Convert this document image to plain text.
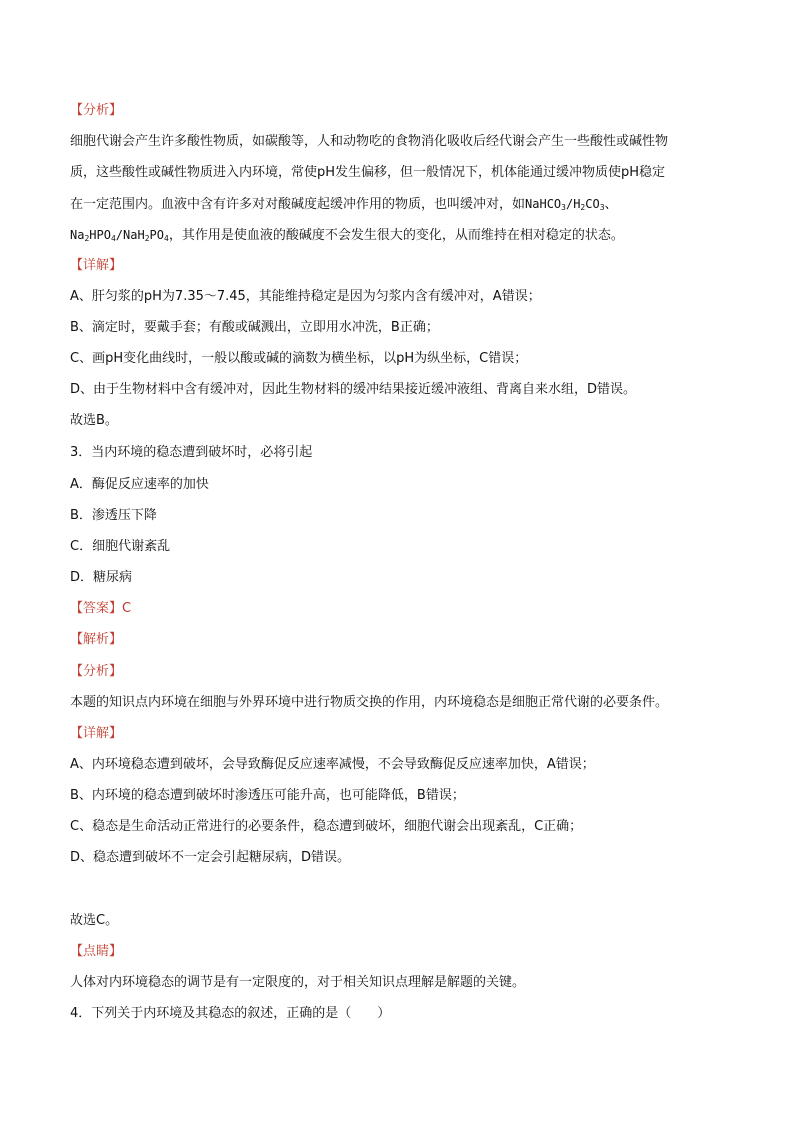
【分析】
细胞代谢会产生许多酸性物质，如碳酸等，人和动物吃的食物消化吸收后经代谢会产生一些酸性或碱性物
质，这些酸性或碱性物质进入内环境，常使pH发生偏移，但一般情况下，机体能通过缓冲物质使pH稳定
在一定范围内。血液中含有许多对对酸碱度起缓冲作用的物质，也叫缓冲对，如$NaHCO_3/H_2CO_3$、
$Na_2HPO_4/NaH_2PO_4$，其作用是使血液的酸碱度不会发生很大的变化，从而维持在相对稳定的状态。
【详解】
A、肝匀浆的pH为7.35～7.45，其能维持稳定是因为匀浆内含有缓冲对，A错误；
B、滴定时，要戴手套；有酸或碱溅出，立即用水冲洗，B正确；
C、画pH变化曲线时，一般以酸或碱的滴数为横坐标，以pH为纵坐标，C错误；
D、由于生物材料中含有缓冲对，因此生物材料的缓冲结果接近缓冲液组、背离自来水组，D错误。
故选B。
3．当内环境的稳态遭到破坏时，必将引起
A．酶促反应速率的加快
B．渗透压下降
C．细胞代谢紊乱
D．糖尿病
【答案】C
【解析】
【分析】
本题的知识点内环境在细胞与外界环境中进行物质交换的作用，内环境稳态是细胞正常代谢的必要条件。
【详解】
A、内环境稳态遭到破坏，会导致酶促反应速率减慢，不会导致酶促反应速率加快，A错误；
B、内环境的稳态遭到破坏时渗透压可能升高，也可能降低，B错误；
C、稳态是生命活动正常进行的必要条件，稳态遭到破坏，细胞代谢会出现紊乱，C正确；
D、稳态遭到破坏不一定会引起糖尿病，D错误。
故选C。
【点睛】
人体对内环境稳态的调节是有一定限度的，对于相关知识点理解是解题的关键。
4．下列关于内环境及其稳态的叙述，正确的是（　　）
